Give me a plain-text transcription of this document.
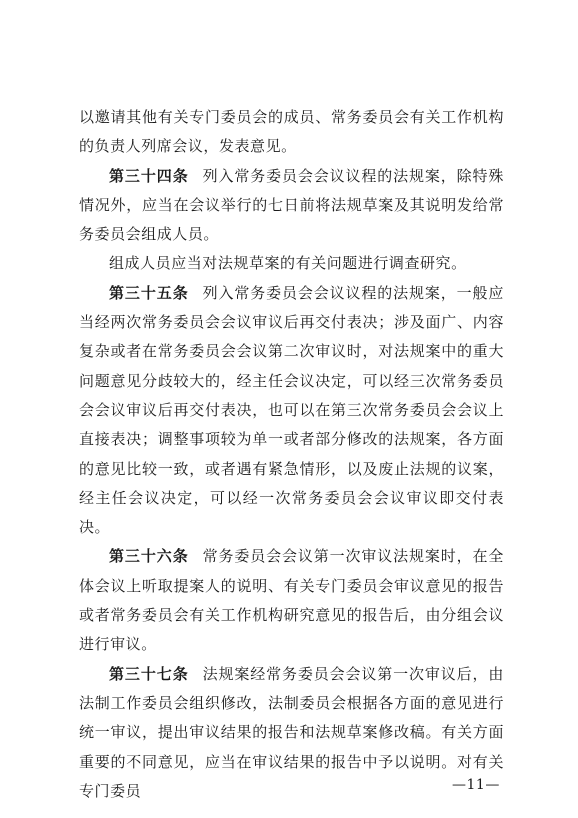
以邀请其他有关专门委员会的成员、常务委员会有关工作机构的负责人列席会议，发表意见。

第三十四条 列入常务委员会会议议程的法规案，除特殊情况外，应当在会议举行的七日前将法规草案及其说明发给常务委员会组成人员。

组成人员应当对法规草案的有关问题进行调查研究。

第三十五条 列入常务委员会会议议程的法规案，一般应当经两次常务委员会会议审议后再交付表决；涉及面广、内容复杂或者在常务委员会会议第二次审议时，对法规案中的重大问题意见分歧较大的，经主任会议决定，可以经三次常务委员会会议审议后再交付表决，也可以在第三次常务委员会会议上直接表决；调整事项较为单一或者部分修改的法规案，各方面的意见比较一致，或者遇有紧急情形，以及废止法规的议案，经主任会议决定，可以经一次常务委员会会议审议即交付表决。

第三十六条 常务委员会会议第一次审议法规案时，在全体会议上听取提案人的说明、有关专门委员会审议意见的报告或者常务委员会有关工作机构研究意见的报告后，由分组会议进行审议。

第三十七条 法规案经常务委员会会议第一次审议后，由法制工作委员会组织修改，法制委员会根据各方面的意见进行统一审议，提出审议结果的报告和法规草案修改稿。有关方面重要的不同意见，应当在审议结果的报告中予以说明。对有关专门委员	—11—
